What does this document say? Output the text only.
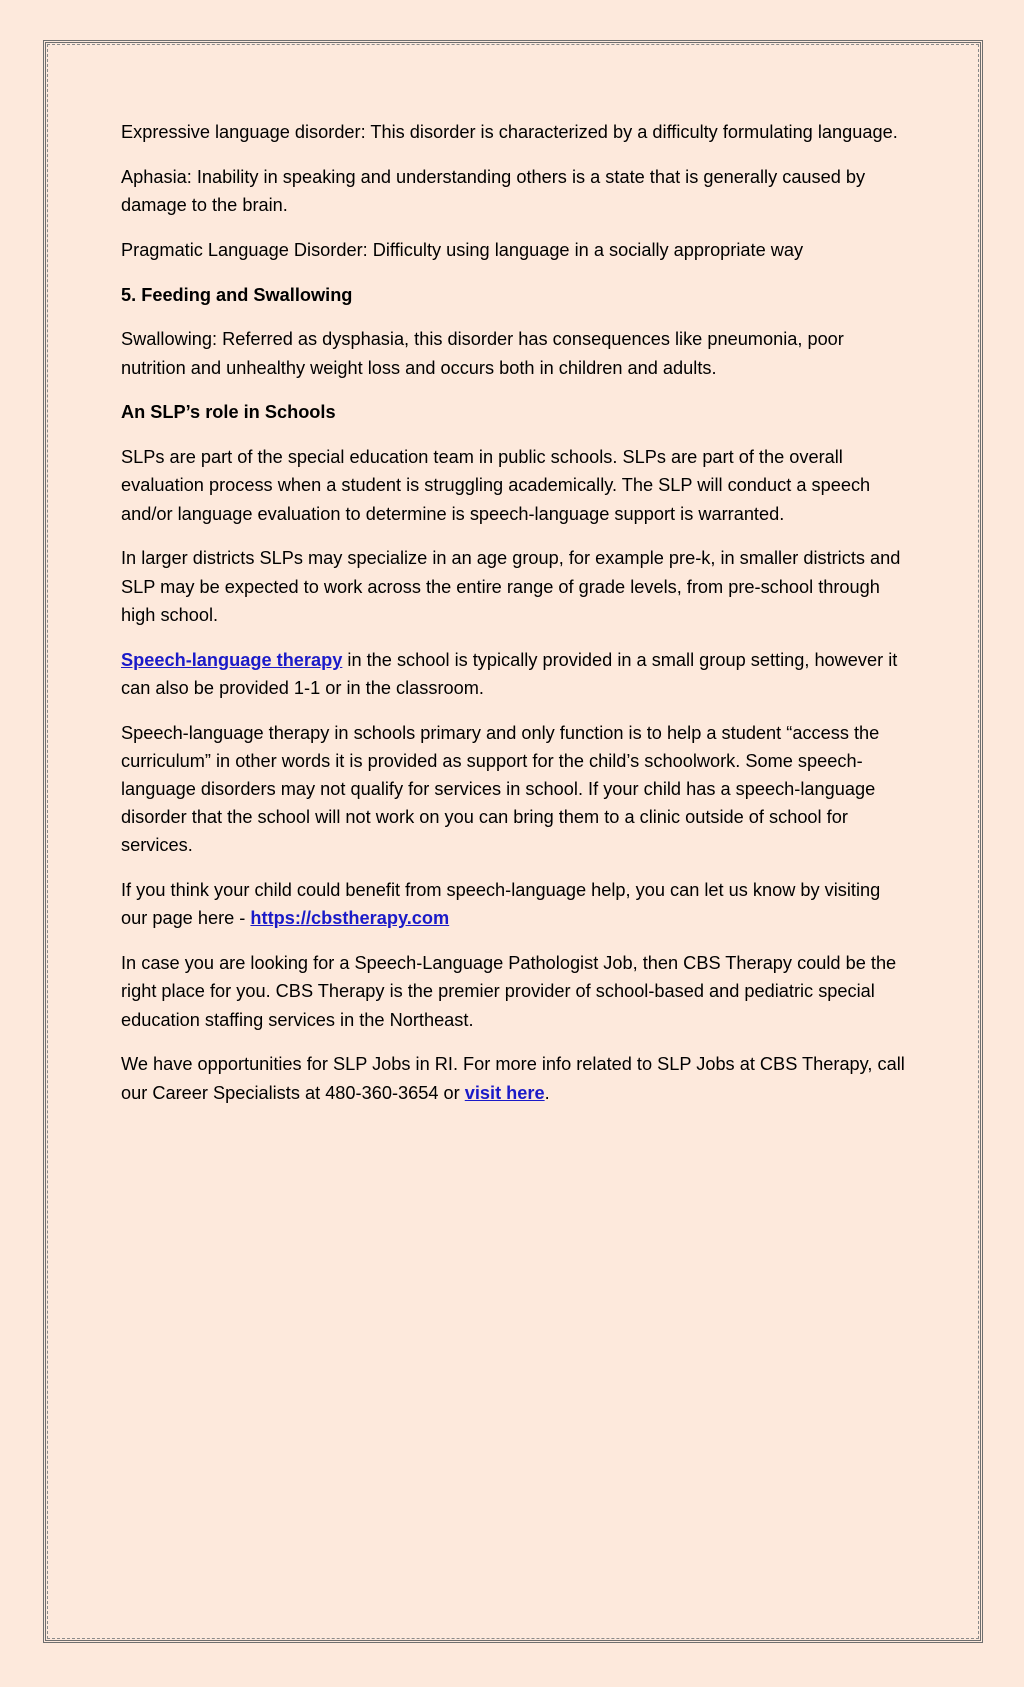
Expressive language disorder: This disorder is characterized by a difficulty formulating language.

Aphasia: Inability in speaking and understanding others is a state that is generally caused by damage to the brain.

Pragmatic Language Disorder: Difficulty using language in a socially appropriate way

5. Feeding and Swallowing

Swallowing: Referred as dysphasia, this disorder has consequences like pneumonia, poor nutrition and unhealthy weight loss and occurs both in children and adults.

An SLP’s role in Schools

SLPs are part of the special education team in public schools. SLPs are part of the overall evaluation process when a student is struggling academically. The SLP will conduct a speech and/or language evaluation to determine is speech-language support is warranted.

In larger districts SLPs may specialize in an age group, for example pre-k, in smaller districts and SLP may be expected to work across the entire range of grade levels, from pre-school through high school.

Speech-language therapy in the school is typically provided in a small group setting, however it can also be provided 1-1 or in the classroom.

Speech-language therapy in schools primary and only function is to help a student “access the curriculum” in other words it is provided as support for the child’s schoolwork. Some speech-language disorders may not qualify for services in school. If your child has a speech-language disorder that the school will not work on you can bring them to a clinic outside of school for services.

If you think your child could benefit from speech-language help, you can let us know by visiting our page here - https://cbstherapy.com

In case you are looking for a Speech-Language Pathologist Job, then CBS Therapy could be the right place for you. CBS Therapy is the premier provider of school-based and pediatric special education staffing services in the Northeast.

We have opportunities for SLP Jobs in RI. For more info related to SLP Jobs at CBS Therapy, call our Career Specialists at 480-360-3654 or visit here.
